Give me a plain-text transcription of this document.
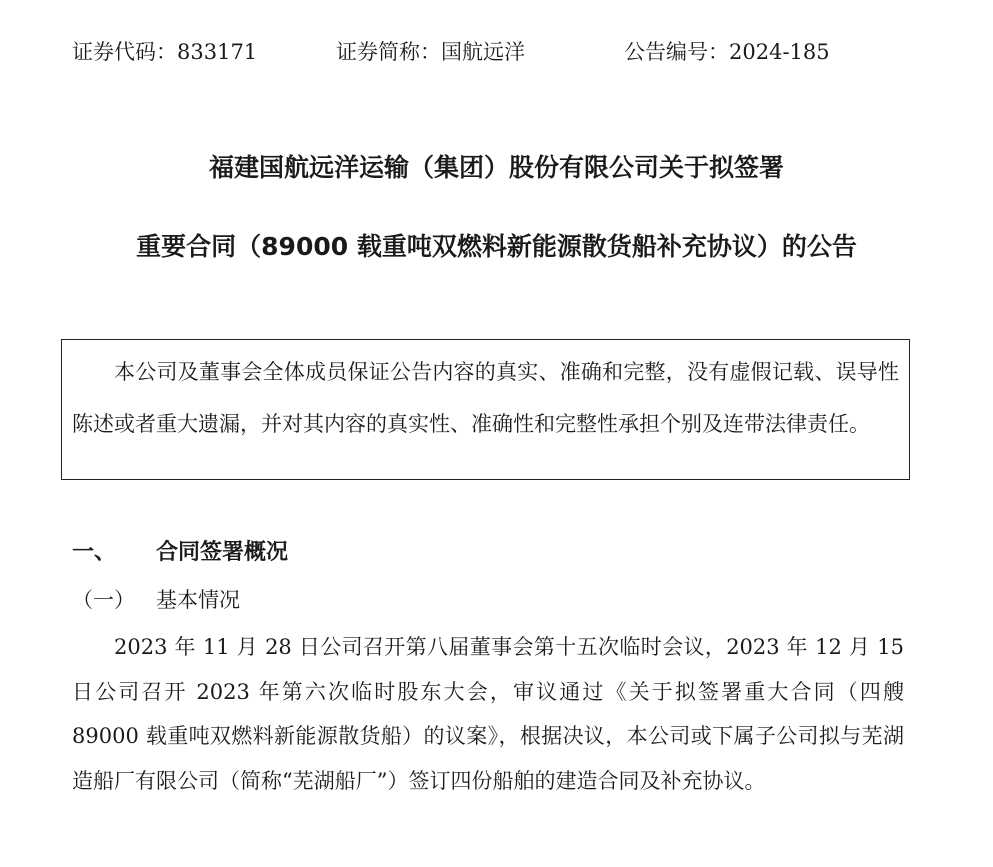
证券代码：833171	证券简称：国航远洋	公告编号：2024-185
福建国航远洋运输（集团）股份有限公司关于拟签署
重要合同（89000 载重吨双燃料新能源散货船补充协议）的公告

本公司及董事会全体成员保证公告内容的真实、准确和完整，没有虚假记载、误导性陈述或者重大遗漏，并对其内容的真实性、准确性和完整性承担个别及连带法律责任。

一、 合同签署概况
（一） 基本情况

2023 年 11 月 28 日公司召开第八届董事会第十五次临时会议，2023 年 12 月 15 日公司召开 2023 年第六次临时股东大会，审议通过《关于拟签署重大合同（四艘 89000 载重吨双燃料新能源散货船）的议案》，根据决议，本公司或下属子公司拟与芜湖造船厂有限公司（简称“芜湖船厂”）签订四份船舶的建造合同及补充协议。
